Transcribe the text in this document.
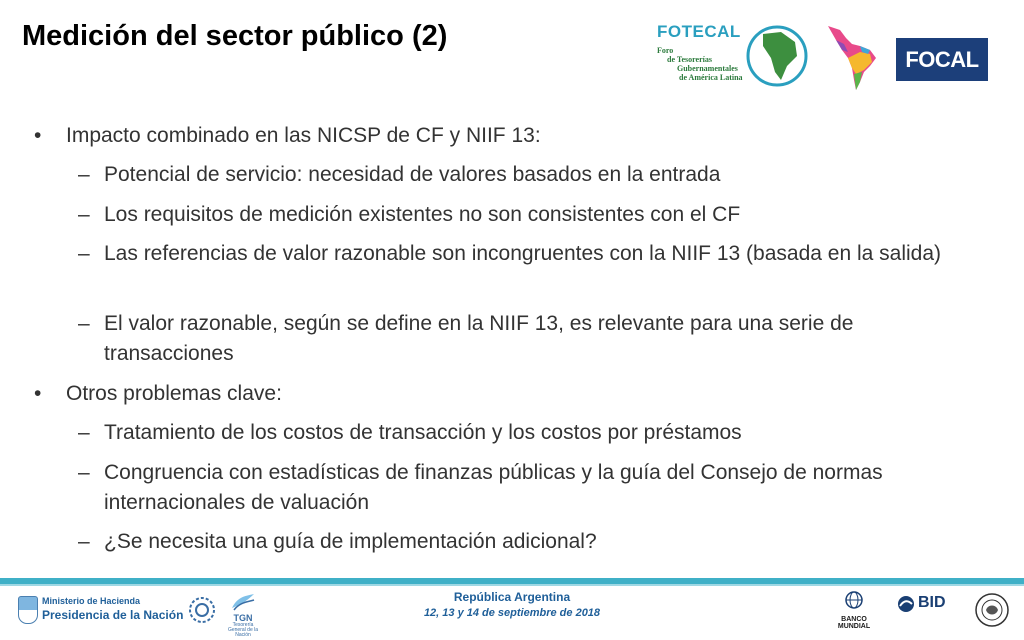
Medición del sector público (2)	FOTECAL
Foro
de Tesorerías
Gubernamentales
de América Latina
FOCAL
• Impacto combinado en las NICSP de CF y NIIF 13:
– Potencial de servicio: necesidad de valores basados en la entrada
– Los requisitos de medición existentes no son consistentes con el CF
– Las referencias de valor razonable son incongruentes con la NIIF 13 (basada en la salida)
– El valor razonable, según se define en la NIIF 13, es relevante para una serie de transacciones
• Otros problemas clave:
– Tratamiento de los costos de transacción y los costos por préstamos
– Congruencia con estadísticas de finanzas públicas y la guía del Consejo de normas internacionales de valuación
– ¿Se necesita una guía de implementación adicional?
Ministerio de Hacienda
Presidencia de la Nación	TGN
Tesorería General de la Nación
República Argentina
12, 13 y 14 de septiembre de 2018
BANCO MUNDIAL
BID
